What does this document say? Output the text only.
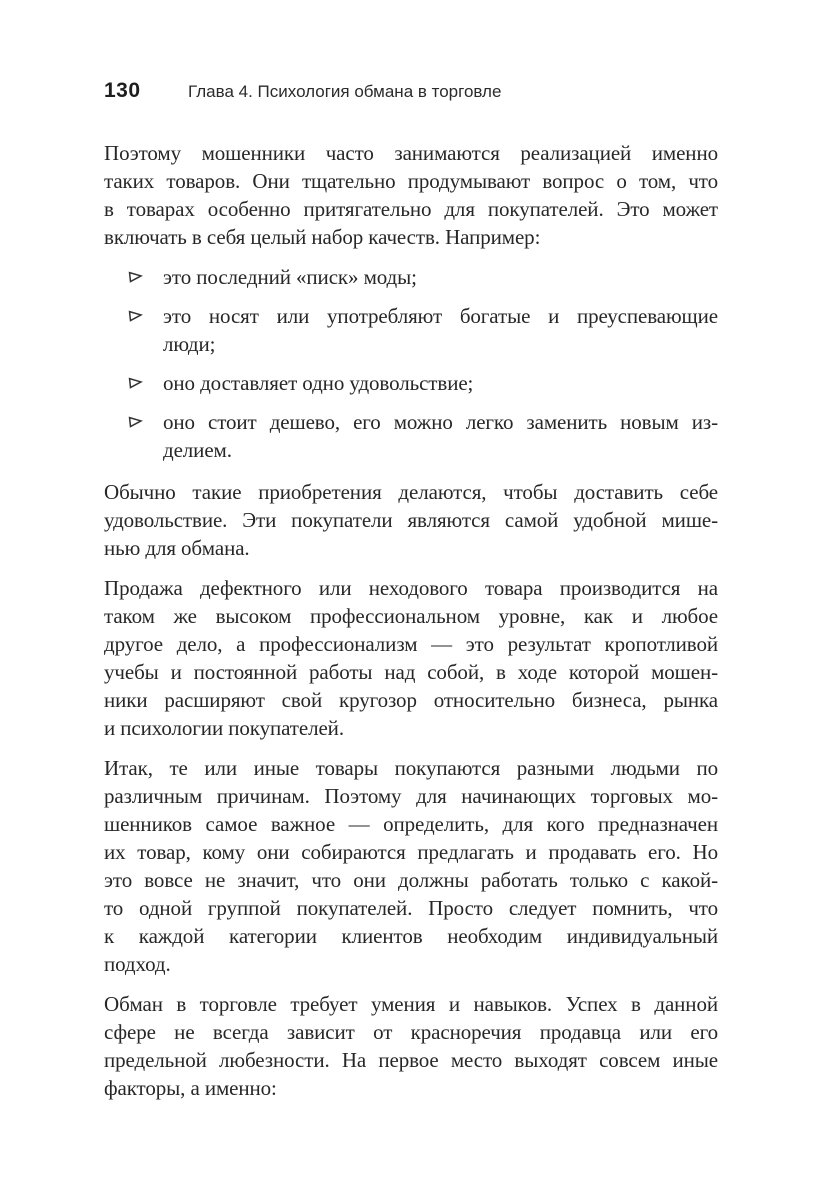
130	Глава 4. Психология обмана в торговле

Поэтому мошенники часто занимаются реализацией именно
таких товаров. Они тщательно продумывают вопрос о том, что
в товарах особенно притягательно для покупателей. Это может
включать в себя целый набор качеств. Например:

это последний «писк» моды;
это носят или употребляют богатые и преуспевающие
люди;
оно доставляет одно удовольствие;
оно стоит дешево, его можно легко заменить новым из-
делием.

Обычно такие приобретения делаются, чтобы доставить себе
удовольствие. Эти покупатели являются самой удобной мише-
нью для обмана.

Продажа дефектного или неходового товара производится на
таком же высоком профессиональном уровне, как и любое
другое дело, а профессионализм — это результат кропотливой
учебы и постоянной работы над собой, в ходе которой мошен-
ники расширяют свой кругозор относительно бизнеса, рынка
и психологии покупателей.

Итак, те или иные товары покупаются разными людьми по
различным причинам. Поэтому для начинающих торговых мо-
шенников самое важное — определить, для кого предназначен
их товар, кому они собираются предлагать и продавать его. Но
это вовсе не значит, что они должны работать только с какой-
то одной группой покупателей. Просто следует помнить, что
к каждой категории клиентов необходим индивидуальный
подход.

Обман в торговле требует умения и навыков. Успех в данной
сфере не всегда зависит от красноречия продавца или его
предельной любезности. На первое место выходят совсем иные
факторы, а именно:
